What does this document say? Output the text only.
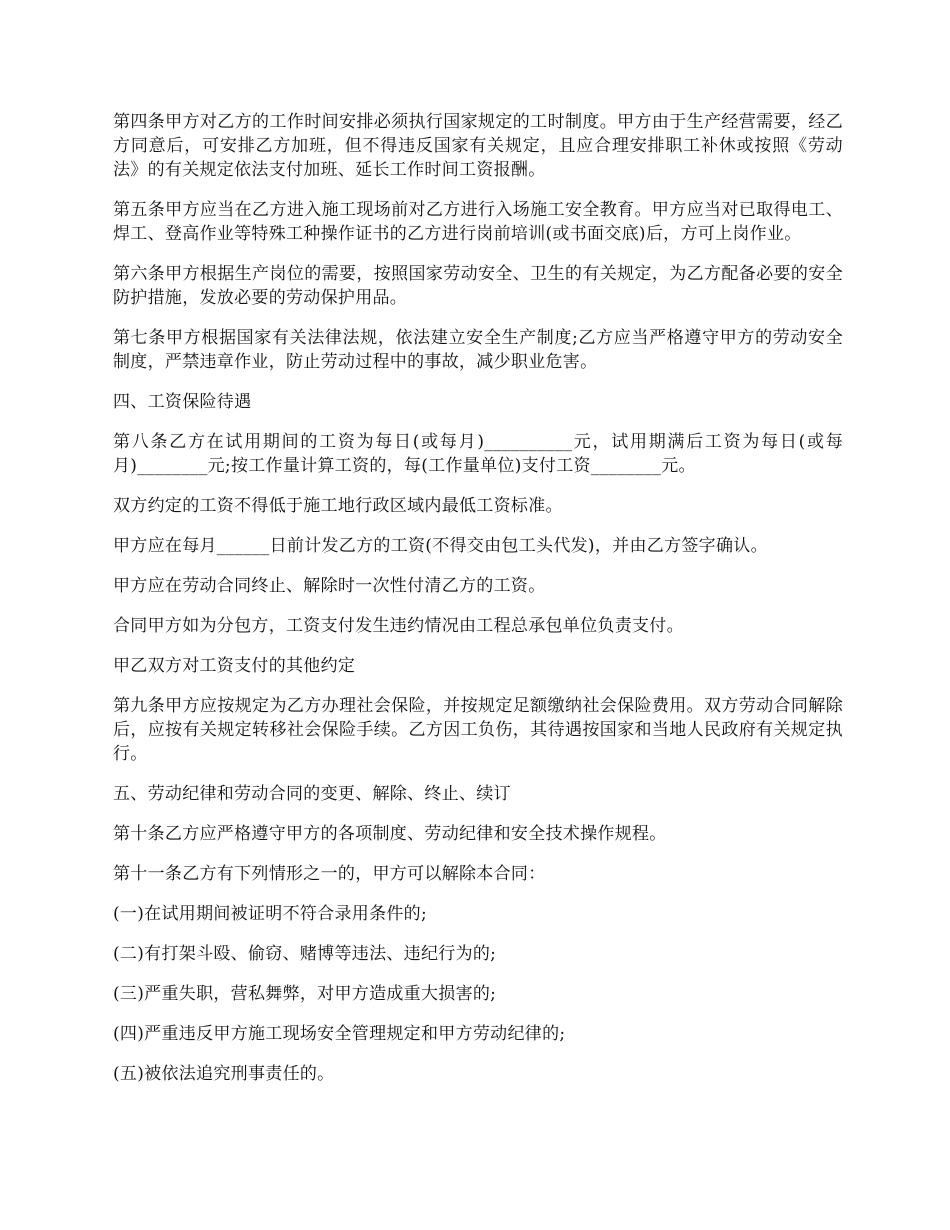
第四条甲方对乙方的工作时间安排必须执行国家规定的工时制度。甲方由于生产经营需要，经乙方同意后，可安排乙方加班，但不得违反国家有关规定，且应合理安排职工补休或按照《劳动法》的有关规定依法支付加班、延长工作时间工资报酬。

第五条甲方应当在乙方进入施工现场前对乙方进行入场施工安全教育。甲方应当对已取得电工、焊工、登高作业等特殊工种操作证书的乙方进行岗前培训(或书面交底)后，方可上岗作业。

第六条甲方根据生产岗位的需要，按照国家劳动安全、卫生的有关规定，为乙方配备必要的安全防护措施，发放必要的劳动保护用品。

第七条甲方根据国家有关法律法规，依法建立安全生产制度;乙方应当严格遵守甲方的劳动安全制度，严禁违章作业，防止劳动过程中的事故，减少职业危害。

四、工资保险待遇

第八条乙方在试用期间的工资为每日(或每月)__________元，试用期满后工资为每日(或每月)________元;按工作量计算工资的，每(工作量单位)支付工资________元。

双方约定的工资不得低于施工地行政区域内最低工资标准。

甲方应在每月______日前计发乙方的工资(不得交由包工头代发)，并由乙方签字确认。

甲方应在劳动合同终止、解除时一次性付清乙方的工资。

合同甲方如为分包方，工资支付发生违约情况由工程总承包单位负责支付。

甲乙双方对工资支付的其他约定

第九条甲方应按规定为乙方办理社会保险，并按规定足额缴纳社会保险费用。双方劳动合同解除后，应按有关规定转移社会保险手续。乙方因工负伤，其待遇按国家和当地人民政府有关规定执行。

五、劳动纪律和劳动合同的变更、解除、终止、续订

第十条乙方应严格遵守甲方的各项制度、劳动纪律和安全技术操作规程。

第十一条乙方有下列情形之一的，甲方可以解除本合同：

(一)在试用期间被证明不符合录用条件的;

(二)有打架斗殴、偷窃、赌博等违法、违纪行为的;

(三)严重失职，营私舞弊，对甲方造成重大损害的;

(四)严重违反甲方施工现场安全管理规定和甲方劳动纪律的;

(五)被依法追究刑事责任的。
